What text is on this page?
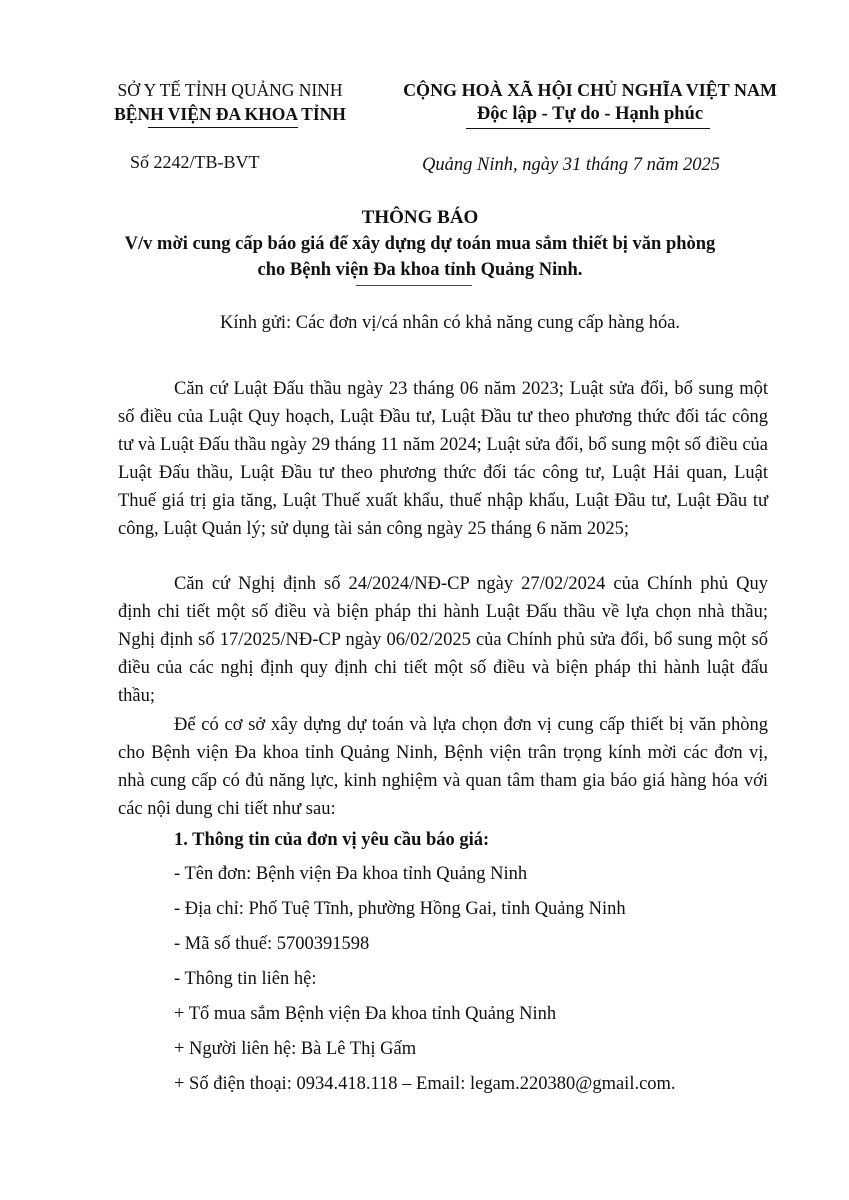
SỞ Y TẾ TỈNH QUẢNG NINH
BỆNH VIỆN ĐA KHOA TỈNH
CỘNG HOÀ XÃ HỘI CHỦ NGHĨA VIỆT NAM
Độc lập - Tự do - Hạnh phúc
Số 2242/TB-BVT	Quảng Ninh, ngày 31 tháng 7 năm 2025
THÔNG BÁO
V/v mời cung cấp báo giá để xây dựng dự toán mua sắm thiết bị văn phòng
cho Bệnh viện Đa khoa tỉnh Quảng Ninh.
Kính gửi: Các đơn vị/cá nhân có khả năng cung cấp hàng hóa.
Căn cứ Luật Đấu thầu ngày 23 tháng 06 năm 2023; Luật sửa đổi, bổ sung một số điều của Luật Quy hoạch, Luật Đầu tư, Luật Đầu tư theo phương thức đối tác công tư và Luật Đấu thầu ngày 29 tháng 11 năm 2024; Luật sửa đổi, bổ sung một số điều của Luật Đấu thầu, Luật Đầu tư theo phương thức đối tác công tư, Luật Hải quan, Luật Thuế giá trị gia tăng, Luật Thuế xuất khẩu, thuế nhập khẩu, Luật Đầu tư, Luật Đầu tư công, Luật Quản lý; sử dụng tài sản công ngày 25 tháng 6 năm 2025;
Căn cứ Nghị định số 24/2024/NĐ-CP ngày 27/02/2024 của Chính phủ Quy định chi tiết một số điều và biện pháp thi hành Luật Đấu thầu về lựa chọn nhà thầu; Nghị định số 17/2025/NĐ-CP ngày 06/02/2025 của Chính phủ sửa đổi, bổ sung một số điều của các nghị định quy định chi tiết một số điều và biện pháp thi hành luật đấu thầu;
Để có cơ sở xây dựng dự toán và lựa chọn đơn vị cung cấp thiết bị văn phòng cho Bệnh viện Đa khoa tỉnh Quảng Ninh, Bệnh viện trân trọng kính mời các đơn vị, nhà cung cấp có đủ năng lực, kinh nghiệm và quan tâm tham gia báo giá hàng hóa với các nội dung chi tiết như sau:
1. Thông tin của đơn vị yêu cầu báo giá:
- Tên đơn: Bệnh viện Đa khoa tỉnh Quảng Ninh
- Địa chỉ: Phố Tuệ Tĩnh, phường Hồng Gai, tỉnh Quảng Ninh
- Mã số thuế: 5700391598
- Thông tin liên hệ:
+ Tổ mua sắm Bệnh viện Đa khoa tỉnh Quảng Ninh
+ Người liên hệ: Bà Lê Thị Gấm
+ Số điện thoại: 0934.418.118 – Email: legam.220380@gmail.com.
